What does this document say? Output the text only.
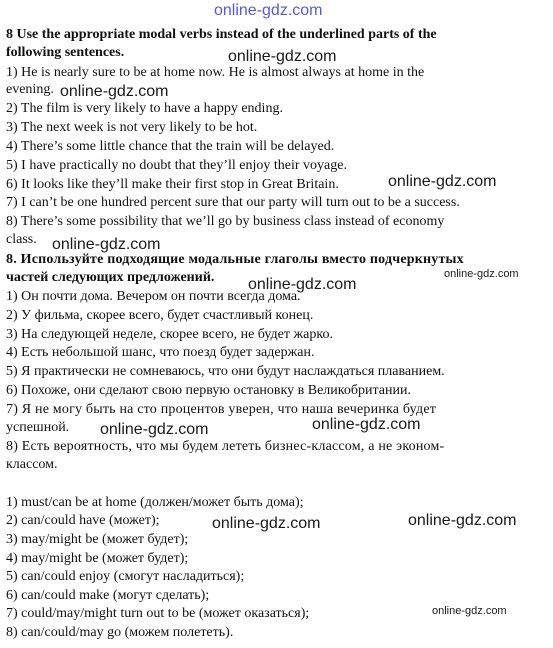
online-gdz.com
8 Use the appropriate modal verbs instead of the underlined parts of the
following sentences.
1) He is nearly sure to be at home now. He is almost always at home in the
evening.
2) The film is very likely to have a happy ending.
3) The next week is not very likely to be hot.
4) There’s some little chance that the train will be delayed.
5) I have practically no doubt that they’ll enjoy their voyage.
6) It looks like they’ll make their first stop in Great Britain.
7) I can’t be one hundred percent sure that our party will turn out to be a success.
8) There’s some possibility that we’ll go by business class instead of economy
class.
8. Используйте подходящие модальные глаголы вместо подчеркнутых
частей следующих предложений.
1) Он почти дома. Вечером он почти всегда дома.
2) У фильма, скорее всего, будет счастливый конец.
3) На следующей неделе, скорее всего, не будет жарко.
4) Есть небольшой шанс, что поезд будет задержан.
5) Я практически не сомневаюсь, что они будут наслаждаться плаванием.
6) Похоже, они сделают свою первую остановку в Великобритании.
7) Я не могу быть на сто процентов уверен, что наша вечеринка будет
успешной.
8) Есть вероятность, что мы будем лететь бизнес-классом, а не эконом-
классом.
1) must/can be at home (должен/может быть дома);
2) can/could have (может);
3) may/might be (может будет);
4) may/might be (может будет);
5) can/could enjoy (смогут насладиться);
6) can/could make (могут сделать);
7) could/may/might turn out to be (может оказаться);
8) can/could/may go (можем полететь).
online-gdz.com
online-gdz.com
online-gdz.com
online-gdz.com
online-gdz.com
online-gdz.com
online-gdz.com
online-gdz.com
online-gdz.com
online-gdz.com
online-gdz.com
